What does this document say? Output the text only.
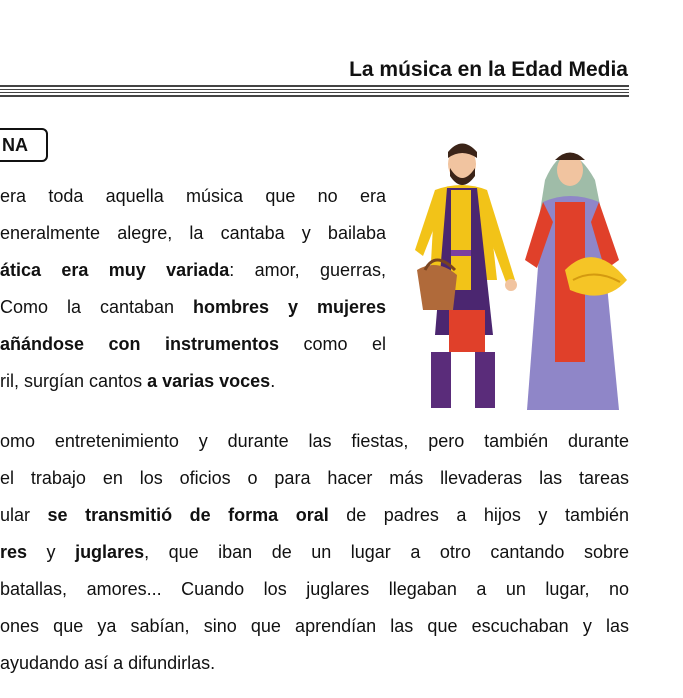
La música en la Edad Media
NA
era toda aquella música que no era
eneralmente alegre, la cantaba y bailaba
ática era muy variada: amor, guerras,
Como la cantaban hombres y mujeres
añándose con instrumentos como el
ril, surgían cantos a varias voces.
omo entretenimiento y durante las fiestas, pero también durante
el trabajo en los oficios o para hacer más llevaderas las tareas
ular se transmitió de forma oral de padres a hijos y también
res y juglares, que iban de un lugar a otro cantando sobre
batallas, amores... Cuando los juglares llegaban a un lugar, no
ones que ya sabían, sino que aprendían las que escuchaban y las
ayudando así a difundirlas.
